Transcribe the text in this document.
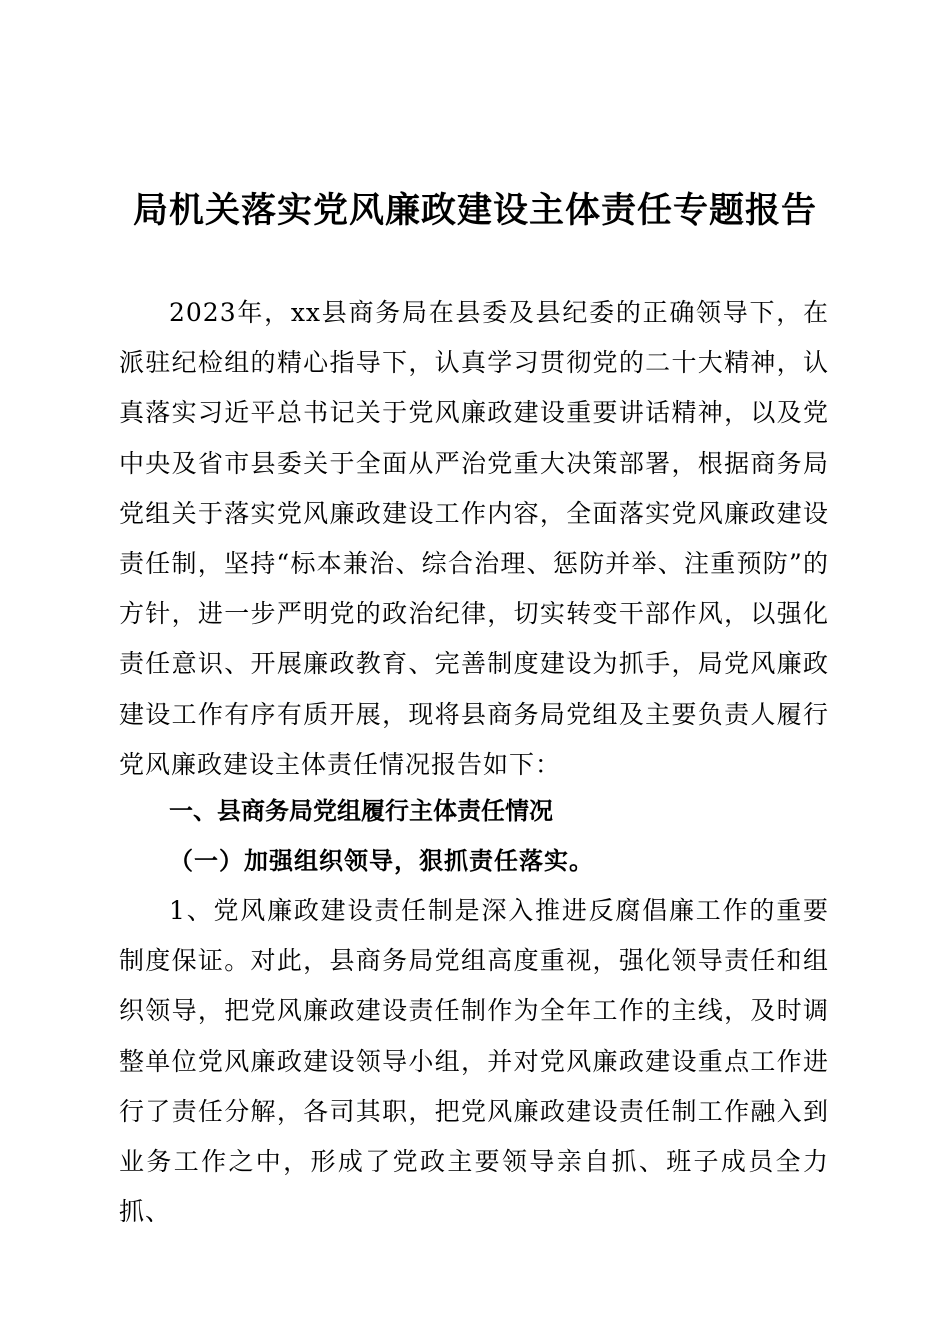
局机关落实党风廉政建设主体责任专题报告

2023年，xx县商务局在县委及县纪委的正确领导下，在派驻纪检组的精心指导下，认真学习贯彻党的二十大精神，认真落实习近平总书记关于党风廉政建设重要讲话精神，以及党中央及省市县委关于全面从严治党重大决策部署，根据商务局党组关于落实党风廉政建设工作内容，全面落实党风廉政建设责任制，坚持“标本兼治、综合治理、惩防并举、注重预防”的方针，进一步严明党的政治纪律，切实转变干部作风，以强化责任意识、开展廉政教育、完善制度建设为抓手，局党风廉政建设工作有序有质开展，现将县商务局党组及主要负责人履行党风廉政建设主体责任情况报告如下：

一、县商务局党组履行主体责任情况
（一）加强组织领导，狠抓责任落实。

1、党风廉政建设责任制是深入推进反腐倡廉工作的重要制度保证。对此，县商务局党组高度重视，强化领导责任和组织领导，把党风廉政建设责任制作为全年工作的主线，及时调整单位党风廉政建设领导小组，并对党风廉政建设重点工作进行了责任分解，各司其职，把党风廉政建设责任制工作融入到业务工作之中，形成了党政主要领导亲自抓、班子成员全力抓、
